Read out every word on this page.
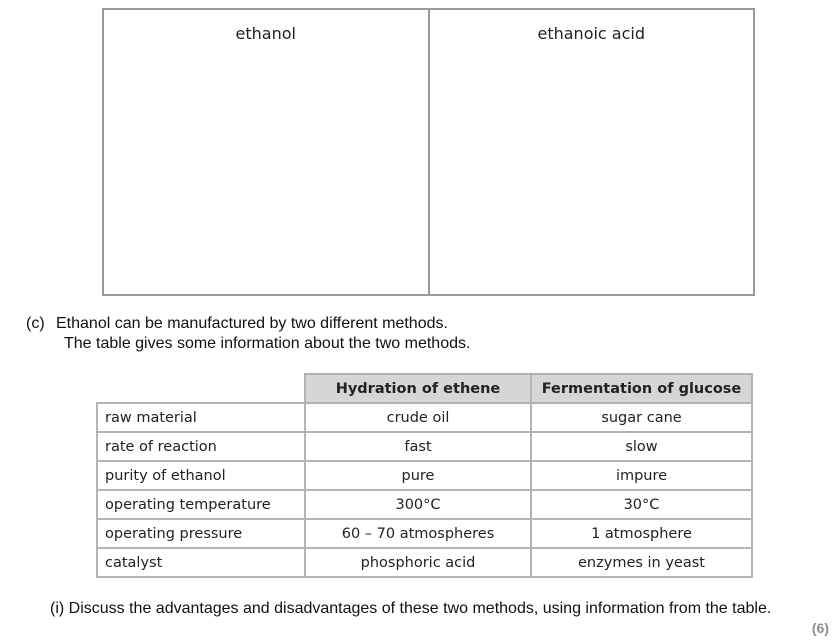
ethanol	ethanoic acid
(c) Ethanol can be manufactured by two different methods.
The table gives some information about the two methods.
	Hydration of ethene	Fermentation of glucose
raw material	crude oil	sugar cane
rate of reaction	fast	slow
purity of ethanol	pure	impure
operating temperature	300°C	30°C
operating pressure	60 – 70 atmospheres	1 atmosphere
catalyst	phosphoric acid	enzymes in yeast
(i) Discuss the advantages and disadvantages of these two methods, using information from the table.
(6)
